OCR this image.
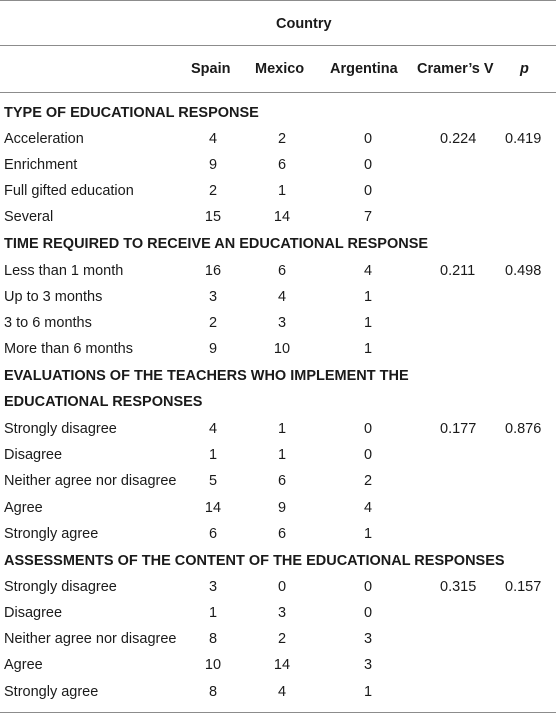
Country
Spain Mexico Argentina Cramer’s V p
TYPE OF EDUCATIONAL RESPONSE
Acceleration	4	2	0	0.224 0.419
Enrichment	9	6	0
Full gifted education	2	1	0
Several	15	14	7
TIME REQUIRED TO RECEIVE AN EDUCATIONAL RESPONSE
Less than 1 month	16	6	4	0.211 0.498
Up to 3 months	3	4	1
3 to 6 months	2	3	1
More than 6 months	9	10	1
EVALUATIONS OF THE TEACHERS WHO IMPLEMENT THE
EDUCATIONAL RESPONSES
Strongly disagree	4	1	0	0.177 0.876
Disagree	1	1	0
Neither agree nor disagree	5	6	2
Agree	14	9	4
Strongly agree	6	6	1
ASSESSMENTS OF THE CONTENT OF THE EDUCATIONAL RESPONSES
Strongly disagree	3	0	0	0.315 0.157
Disagree	1	3	0
Neither agree nor disagree	8	2	3
Agree	10	14	3
Strongly agree	8	4	1
